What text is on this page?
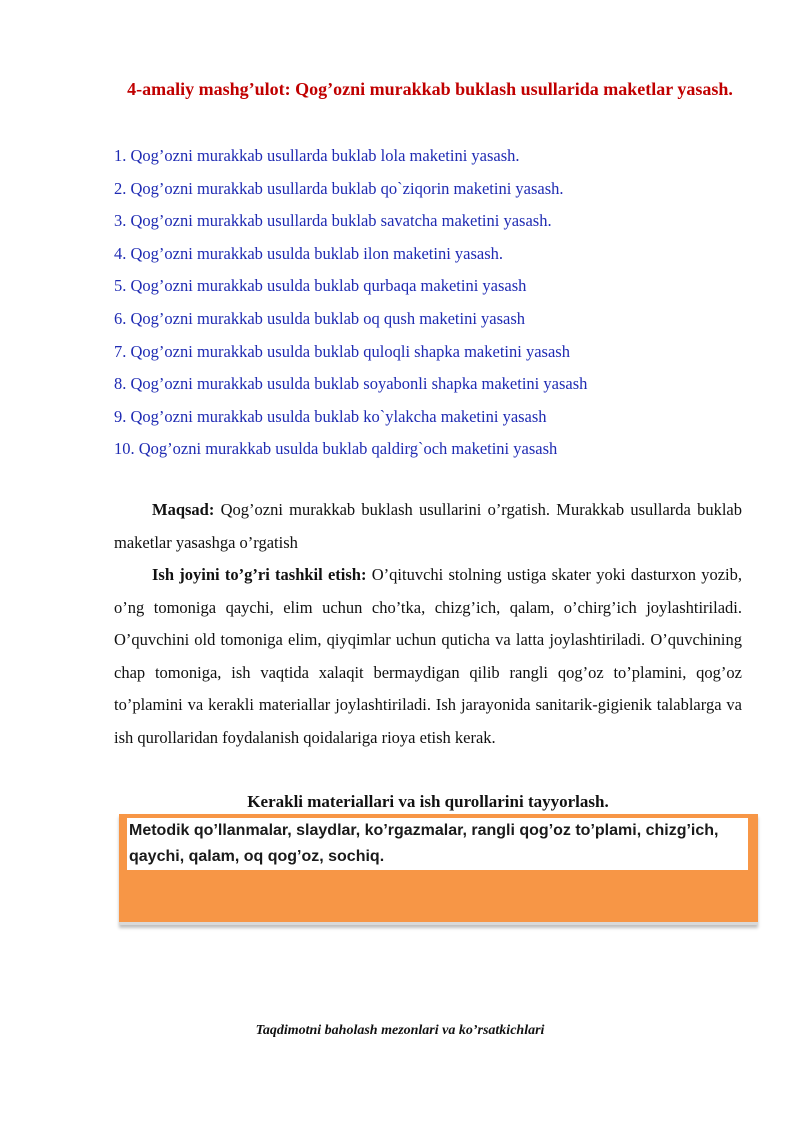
4-amaliy mashg’ulot: Qog’ozni murakkab buklash usullarida maketlar yasash.
1. Qog’ozni murakkab usullarda buklab lola maketini yasash.
2. Qog’ozni murakkab usullarda buklab qo`ziqorin maketini yasash.
3. Qog’ozni murakkab usullarda buklab savatcha maketini yasash.
4. Qog’ozni murakkab usulda buklab ilon maketini yasash.
5. Qog’ozni murakkab usulda buklab qurbaqa maketini yasash
6. Qog’ozni murakkab usulda buklab oq qush maketini yasash
7. Qog’ozni murakkab usulda buklab quloqli shapka maketini yasash
8. Qog’ozni murakkab usulda buklab soyabonli shapka maketini yasash
9. Qog’ozni murakkab usulda buklab ko`ylakcha maketini yasash
10. Qog’ozni murakkab usulda buklab qaldirg`och maketini yasash

Maqsad: Qog’ozni murakkab buklash usullarini o’rgatish. Murakkab usullarda buklab maketlar yasashga o’rgatish

Ish joyini to’g’ri tashkil etish: O’qituvchi stolning ustiga skater yoki dasturxon yozib, o’ng tomoniga qaychi, elim uchun cho’tka, chizg’ich, qalam, o’chirg’ich joylashtiriladi. O’quvchini old tomoniga elim, qiyqimlar uchun quticha va latta joylashtiriladi. O’quvchining chap tomoniga, ish vaqtida xalaqit bermaydigan qilib rangli qog’oz to’plamini, qog’oz to’plamini va kerakli materiallar joylashtiriladi. Ish jarayonida sanitarik-gigienik talablarga va ish qurollaridan foydalanish qoidalariga rioya etish kerak.

Kerakli materiallari va ish qurollarini tayyorlash.
Metodik qo’llanmalar, slaydlar, ko’rgazmalar, rangli qog’oz to’plami, chizg’ich, qaychi, qalam, oq qog’oz, sochiq.
Taqdimotni baholash mezonlari va ko’rsatkichlari
